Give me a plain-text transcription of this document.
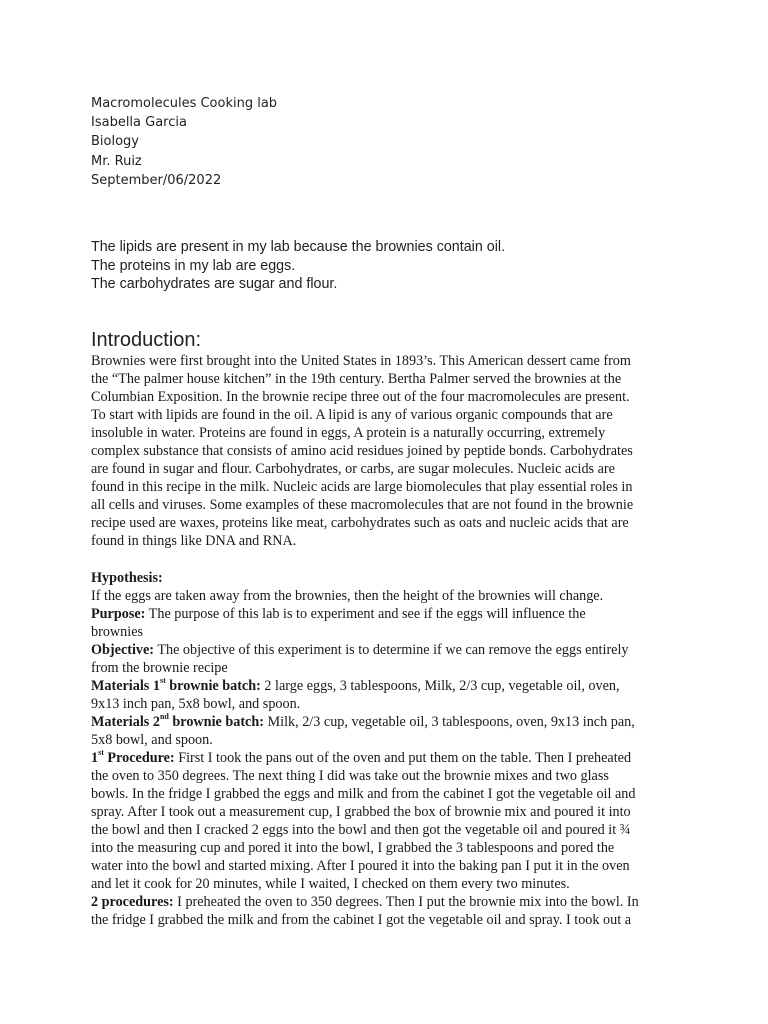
Macromolecules Cooking lab
Isabella Garcia
Biology
Mr. Ruiz
September/06/2022
The lipids are present in my lab because the brownies contain oil.
The proteins in my lab are eggs.
The carbohydrates are sugar and flour.
Introduction:
Brownies were first brought into the United States in 1893’s. This American dessert came from
the “The palmer house kitchen” in the 19th century. Bertha Palmer served the brownies at the
Columbian Exposition. In the brownie recipe three out of the four macromolecules are present.
To start with lipids are found in the oil. A lipid is any of various organic compounds that are
insoluble in water. Proteins are found in eggs, A protein is a naturally occurring, extremely
complex substance that consists of amino acid residues joined by peptide bonds. Carbohydrates
are found in sugar and flour. Carbohydrates, or carbs, are sugar molecules. Nucleic acids are
found in this recipe in the milk. Nucleic acids are large biomolecules that play essential roles in
all cells and viruses. Some examples of these macromolecules that are not found in the brownie
recipe used are waxes, proteins like meat, carbohydrates such as oats and nucleic acids that are
found in things like DNA and RNA.
Hypothesis:
If the eggs are taken away from the brownies, then the height of the brownies will change.
Purpose: The purpose of this lab is to experiment and see if the eggs will influence the
brownies
Objective: The objective of this experiment is to determine if we can remove the eggs entirely
from the brownie recipe
Materials 1st brownie batch: 2 large eggs, 3 tablespoons, Milk, 2/3 cup, vegetable oil, oven,
9x13 inch pan, 5x8 bowl, and spoon.
Materials 2nd brownie batch: Milk, 2/3 cup, vegetable oil, 3 tablespoons, oven, 9x13 inch pan,
5x8 bowl, and spoon.
1st Procedure: First I took the pans out of the oven and put them on the table. Then I preheated
the oven to 350 degrees. The next thing I did was take out the brownie mixes and two glass
bowls. In the fridge I grabbed the eggs and milk and from the cabinet I got the vegetable oil and
spray. After I took out a measurement cup, I grabbed the box of brownie mix and poured it into
the bowl and then I cracked 2 eggs into the bowl and then got the vegetable oil and poured it ¾
into the measuring cup and pored it into the bowl, I grabbed the 3 tablespoons and pored the
water into the bowl and started mixing. After I poured it into the baking pan I put it in the oven
and let it cook for 20 minutes, while I waited, I checked on them every two minutes.
2 procedures: I preheated the oven to 350 degrees. Then I put the brownie mix into the bowl. In
the fridge I grabbed the milk and from the cabinet I got the vegetable oil and spray. I took out a
